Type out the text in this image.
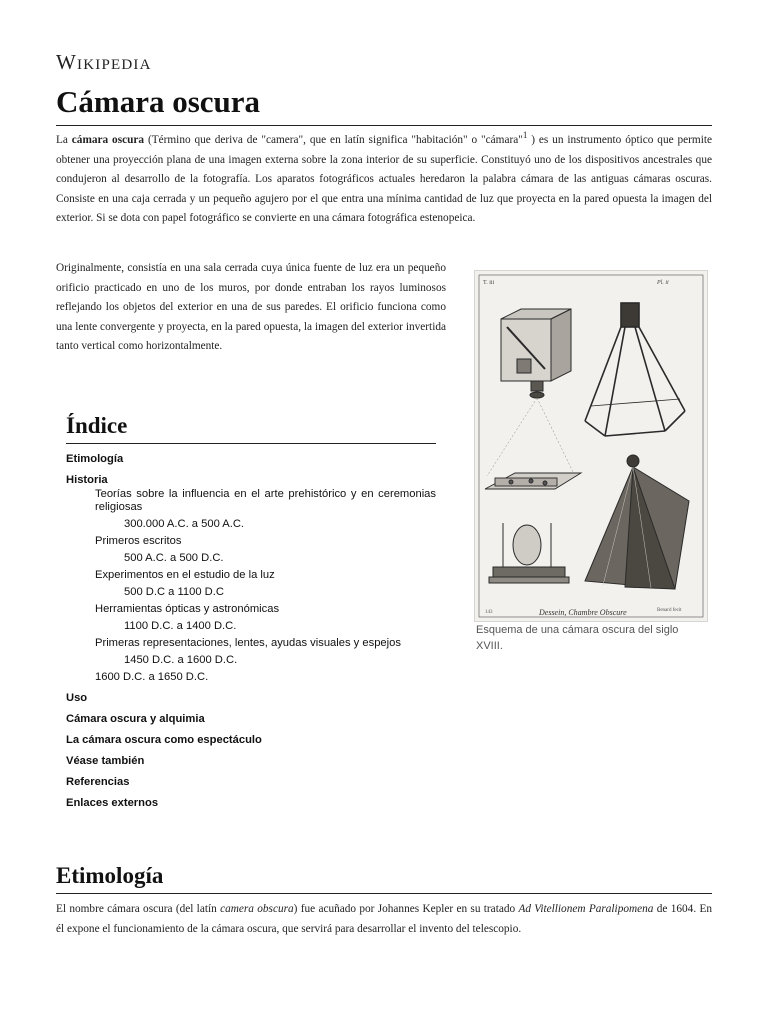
Wikipedia
Cámara oscura

La cámara oscura (Término que deriva de "camera", que en latín significa "habitación" o "cámara"$^1$ ) es un instrumento óptico que permite obtener una proyección plana de una imagen externa sobre la zona interior de su superficie. Constituyó uno de los dispositivos ancestrales que condujeron al desarrollo de la fotografía. Los aparatos fotográficos actuales heredaron la palabra cámara de las antiguas cámaras oscuras. Consiste en una caja cerrada y un pequeño agujero por el que entra una mínima cantidad de luz que proyecta en la pared opuesta la imagen del exterior. Si se dota con papel fotográfico se convierte en una cámara fotográfica estenopeica.

Originalmente, consistía en una sala cerrada cuya única fuente de luz era un pequeño orificio practicado en uno de los muros, por donde entraban los rayos luminosos reflejando los objetos del exterior en una de sus paredes. El orificio funciona como una lente convergente y proyecta, en la pared opuesta, la imagen del exterior invertida tanto vertical como horizontalmente.

T. iii	Pl. ii
143	Dessein, Chambre Obscure	Benard fecit
Esquema de una cámara oscura del siglo XVIII.
Índice
Etimología
Historia
Teorías sobre la influencia en el arte prehistórico y en ceremonias religiosas
300.000 A.C. a 500 A.C.
Primeros escritos
500 A.C. a 500 D.C.
Experimentos en el estudio de la luz
500 D.C a 1100 D.C
Herramientas ópticas y astronómicas
1100 D.C. a 1400 D.C.
Primeras representaciones, lentes, ayudas visuales y espejos
1450 D.C. a 1600 D.C.
1600 D.C. a 1650 D.C.
Uso
Cámara oscura y alquimia
La cámara oscura como espectáculo
Véase también
Referencias
Enlaces externos
Etimología

El nombre cámara oscura (del latín camera obscura) fue acuñado por Johannes Kepler en su tratado Ad Vitellionem Paralipomena de 1604. En él expone el funcionamiento de la cámara oscura, que servirá para desarrollar el invento del telescopio.
